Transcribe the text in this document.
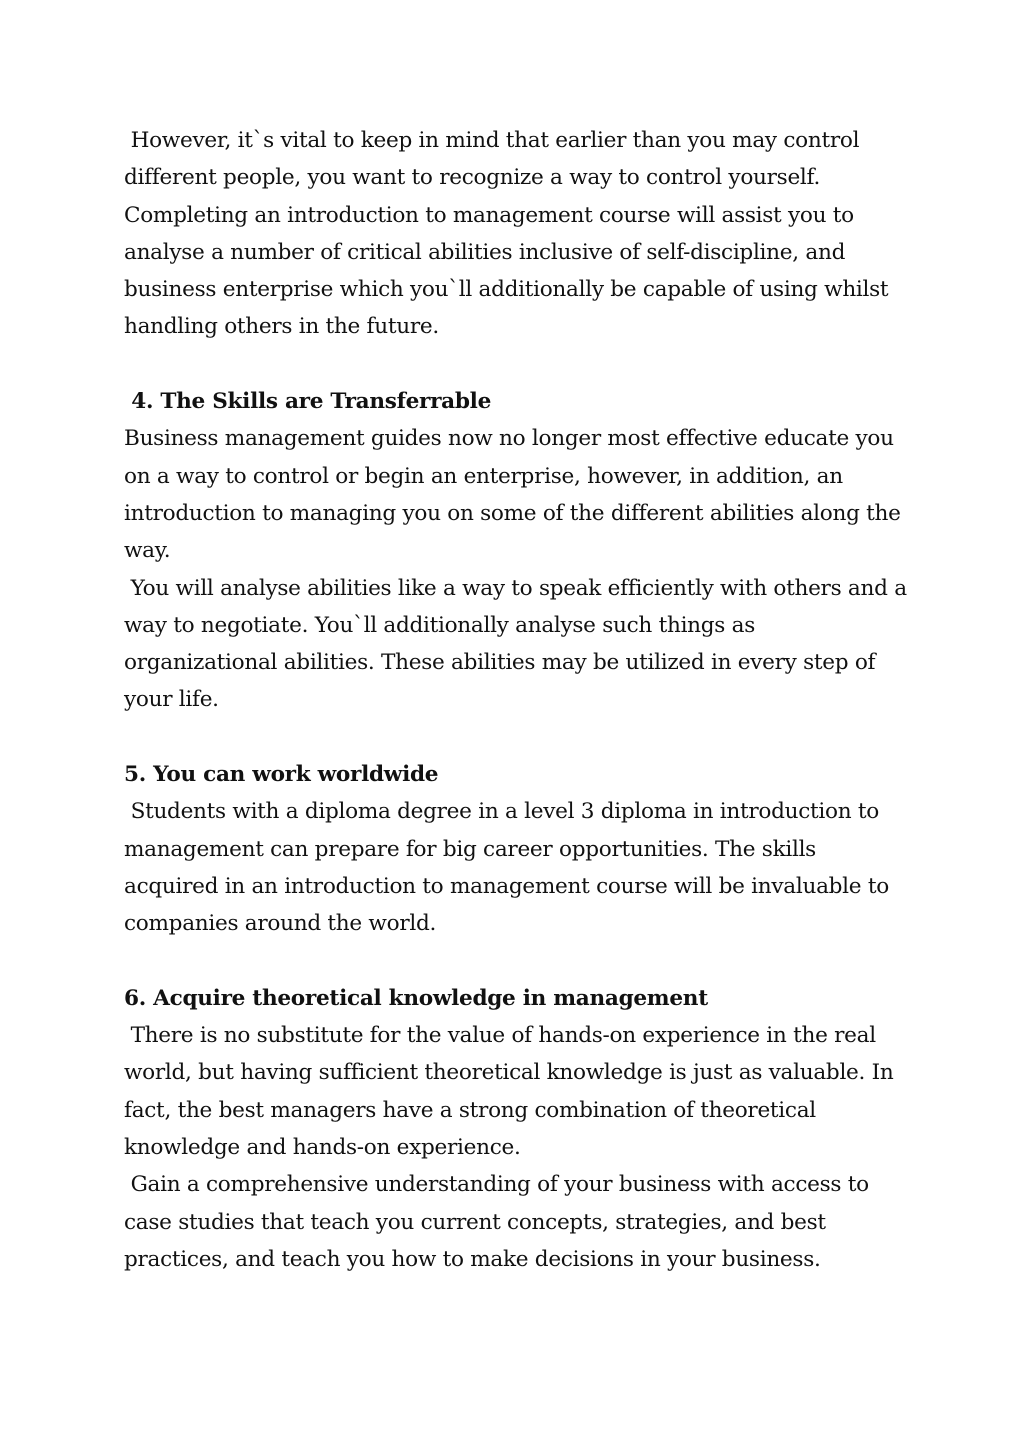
However, it`s vital to keep in mind that earlier than you may control different people, you want to recognize a way to control yourself. Completing an introduction to management course will assist you to analyse a number of critical abilities inclusive of self-discipline, and business enterprise which you`ll additionally be capable of using whilst handling others in the future.

4. The Skills are Transferrable

Business management guides now no longer most effective educate you on a way to control or begin an enterprise, however, in addition, an introduction to managing you on some of the different abilities along the way.

You will analyse abilities like a way to speak efficiently with others and a way to negotiate. You`ll additionally analyse such things as organizational abilities. These abilities may be utilized in every step of your life.

5. You can work worldwide

Students with a diploma degree in a level 3 diploma in introduction to management can prepare for big career opportunities. The skills acquired in an introduction to management course will be invaluable to companies around the world.

6. Acquire theoretical knowledge in management

There is no substitute for the value of hands-on experience in the real world, but having sufficient theoretical knowledge is just as valuable. In fact, the best managers have a strong combination of theoretical knowledge and hands-on experience.

Gain a comprehensive understanding of your business with access to case studies that teach you current concepts, strategies, and best practices, and teach you how to make decisions in your business.
